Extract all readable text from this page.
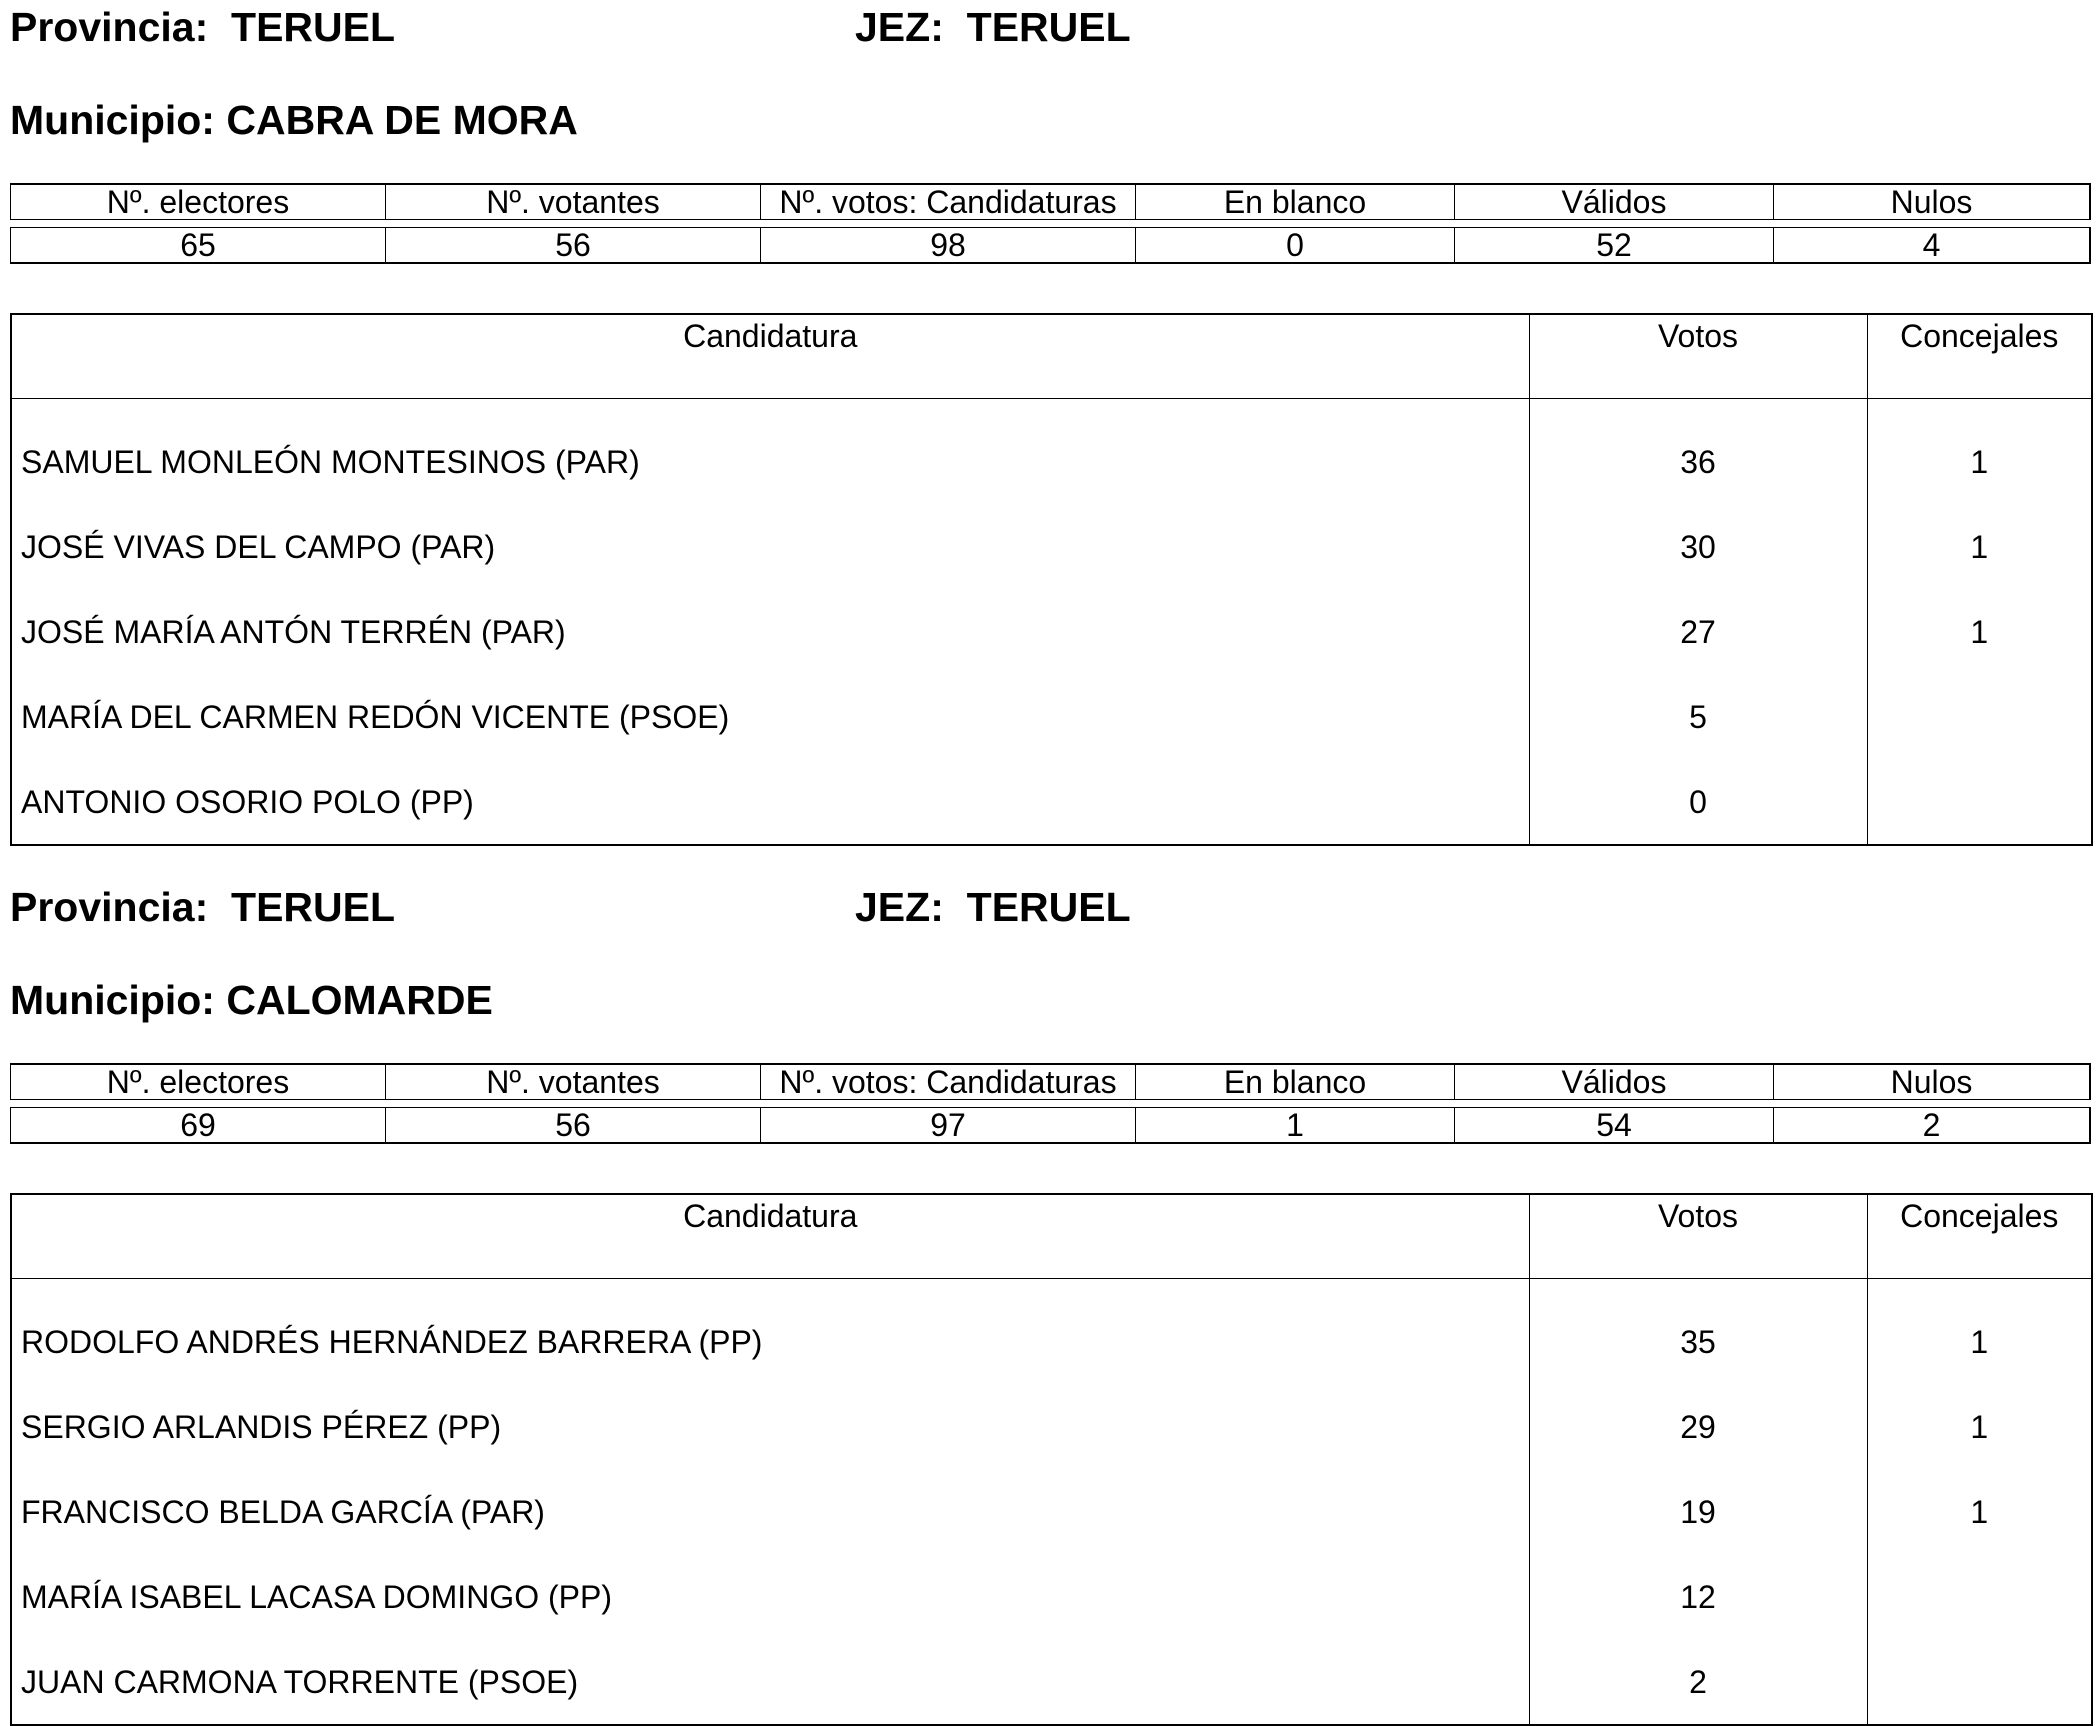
Provincia: TERUEL	JEZ: TERUEL
Municipio: CABRA DE MORA
Nº. electores	Nº. votantes	Nº. votos: Candidaturas	En blanco	Válidos	Nulos

65	56	98	0	52	4
Candidatura	Votos	Concejales
SAMUEL MONLEÓN MONTESINOS (PAR)	36	1
JOSÉ VIVAS DEL CAMPO (PAR)	30	1
JOSÉ MARÍA ANTÓN TERRÉN (PAR)	27	1
MARÍA DEL CARMEN REDÓN VICENTE (PSOE)	5	
ANTONIO OSORIO POLO (PP)	0	
Provincia: TERUEL	JEZ: TERUEL
Municipio: CALOMARDE
Nº. electores	Nº. votantes	Nº. votos: Candidaturas	En blanco	Válidos	Nulos

69	56	97	1	54	2
Candidatura	Votos	Concejales
RODOLFO ANDRÉS HERNÁNDEZ BARRERA (PP)	35	1
SERGIO ARLANDIS PÉREZ (PP)	29	1
FRANCISCO BELDA GARCÍA (PAR)	19	1
MARÍA ISABEL LACASA DOMINGO (PP)	12	
JUAN CARMONA TORRENTE (PSOE)	2	
